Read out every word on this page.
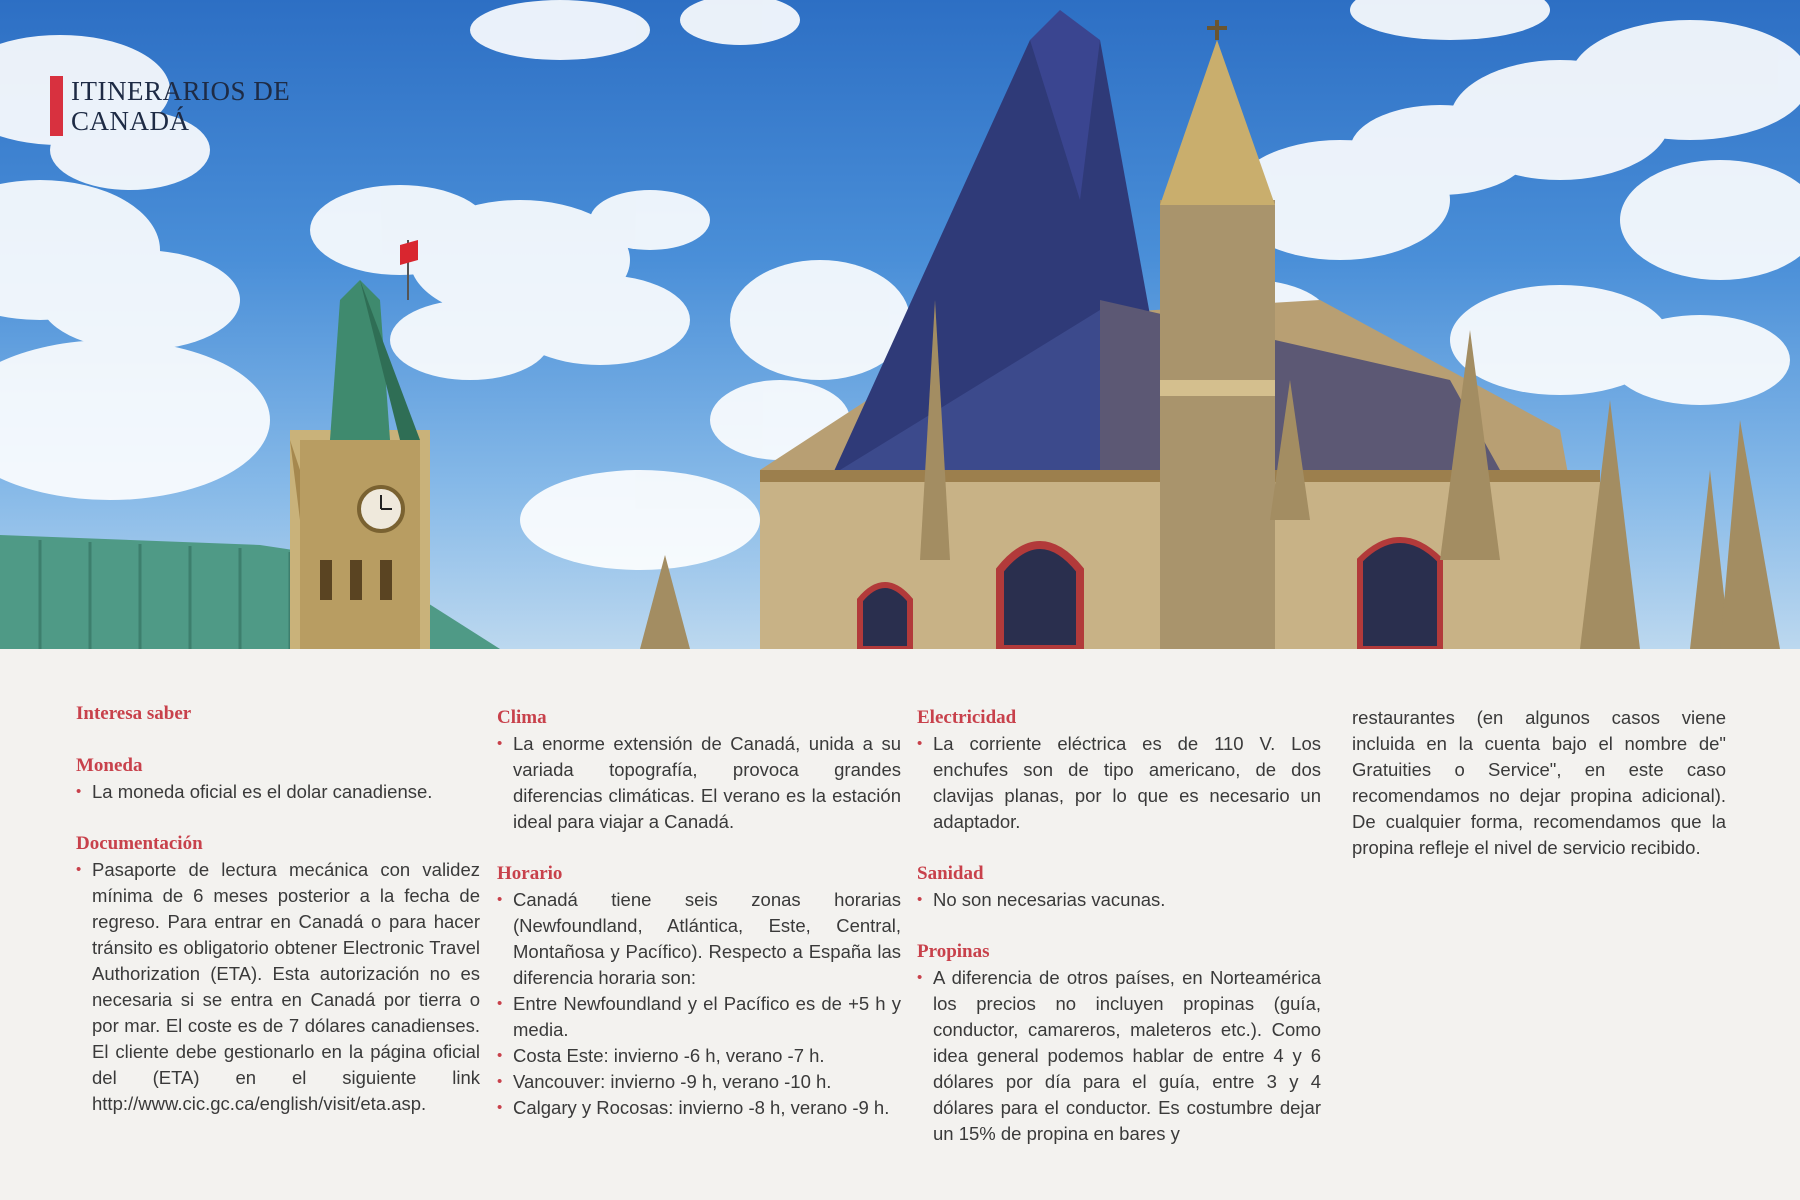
ITINERARIOS DE
CANADÁ
Interesa saber
Moneda
• La moneda oficial es el dolar canadiense.
Documentación
• Pasaporte de lectura mecánica con validez mínima de 6 meses posterior a la fecha de regreso. Para entrar en Canadá o para hacer tránsito es obligatorio obtener Electronic Travel Authorization (ETA). Esta autorización no es necesaria si se entra en Canadá por tierra o por mar. El coste es de 7 dólares canadienses. El cliente debe gestionarlo en la página oficial del (ETA) en el siguiente link http://www.cic.gc.ca/english/visit/eta.asp.
Clima
• La enorme extensión de Canadá, unida a su variada topografía, provoca grandes diferencias climáticas. El verano es la estación ideal para viajar a Canadá.
Horario
• Canadá tiene seis zonas horarias (Newfoundland, Atlántica, Este, Central, Montañosa y Pacífico). Respecto a España las diferencia horaria son:
• Entre Newfoundland y el Pacífico es de +5 h y media.
• Costa Este: invierno -6 h, verano -7 h.
• Vancouver: invierno -9 h, verano -10 h.
• Calgary y Rocosas: invierno -8 h, verano -9 h.
Electricidad
• La corriente eléctrica es de 110 V. Los enchufes son de tipo americano, de dos clavijas planas, por lo que es necesario un adaptador.
Sanidad
• No son necesarias vacunas.
Propinas
• A diferencia de otros países, en Norteamérica los precios no incluyen propinas (guía, conductor, camareros, maleteros etc.). Como idea general podemos hablar de entre 4 y 6 dólares por día para el guía, entre 3 y 4 dólares para el conductor. Es costumbre dejar un 15% de propina en bares y
restaurantes (en algunos casos viene incluida en la cuenta bajo el nombre de" Gratuities o Service", en este caso recomendamos no dejar propina adicional). De cualquier forma, recomendamos que la propina refleje el nivel de servicio recibido.
